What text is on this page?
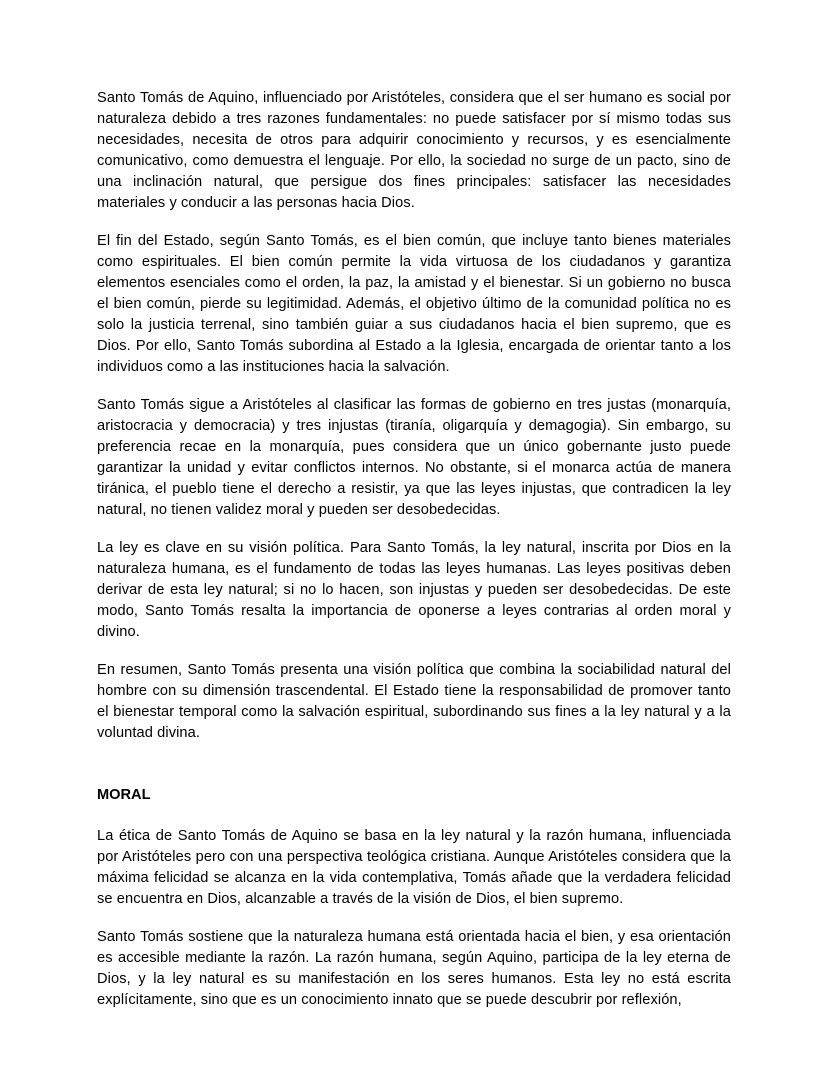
Santo Tomás de Aquino, influenciado por Aristóteles, considera que el ser humano es social por naturaleza debido a tres razones fundamentales: no puede satisfacer por sí mismo todas sus necesidades, necesita de otros para adquirir conocimiento y recursos, y es esencialmente comunicativo, como demuestra el lenguaje. Por ello, la sociedad no surge de un pacto, sino de una inclinación natural, que persigue dos fines principales: satisfacer las necesidades materiales y conducir a las personas hacia Dios.

El fin del Estado, según Santo Tomás, es el bien común, que incluye tanto bienes materiales como espirituales. El bien común permite la vida virtuosa de los ciudadanos y garantiza elementos esenciales como el orden, la paz, la amistad y el bienestar. Si un gobierno no busca el bien común, pierde su legitimidad. Además, el objetivo último de la comunidad política no es solo la justicia terrenal, sino también guiar a sus ciudadanos hacia el bien supremo, que es Dios. Por ello, Santo Tomás subordina al Estado a la Iglesia, encargada de orientar tanto a los individuos como a las instituciones hacia la salvación.

Santo Tomás sigue a Aristóteles al clasificar las formas de gobierno en tres justas (monarquía, aristocracia y democracia) y tres injustas (tiranía, oligarquía y demagogia). Sin embargo, su preferencia recae en la monarquía, pues considera que un único gobernante justo puede garantizar la unidad y evitar conflictos internos. No obstante, si el monarca actúa de manera tiránica, el pueblo tiene el derecho a resistir, ya que las leyes injustas, que contradicen la ley natural, no tienen validez moral y pueden ser desobedecidas.

La ley es clave en su visión política. Para Santo Tomás, la ley natural, inscrita por Dios en la naturaleza humana, es el fundamento de todas las leyes humanas. Las leyes positivas deben derivar de esta ley natural; si no lo hacen, son injustas y pueden ser desobedecidas. De este modo, Santo Tomás resalta la importancia de oponerse a leyes contrarias al orden moral y divino.

En resumen, Santo Tomás presenta una visión política que combina la sociabilidad natural del hombre con su dimensión trascendental. El Estado tiene la responsabilidad de promover tanto el bienestar temporal como la salvación espiritual, subordinando sus fines a la ley natural y a la voluntad divina.

MORAL

La ética de Santo Tomás de Aquino se basa en la ley natural y la razón humana, influenciada por Aristóteles pero con una perspectiva teológica cristiana. Aunque Aristóteles considera que la máxima felicidad se alcanza en la vida contemplativa, Tomás añade que la verdadera felicidad se encuentra en Dios, alcanzable a través de la visión de Dios, el bien supremo.

Santo Tomás sostiene que la naturaleza humana está orientada hacia el bien, y esa orientación es accesible mediante la razón. La razón humana, según Aquino, participa de la ley eterna de Dios, y la ley natural es su manifestación en los seres humanos. Esta ley no está escrita explícitamente, sino que es un conocimiento innato que se puede descubrir por reflexión,
